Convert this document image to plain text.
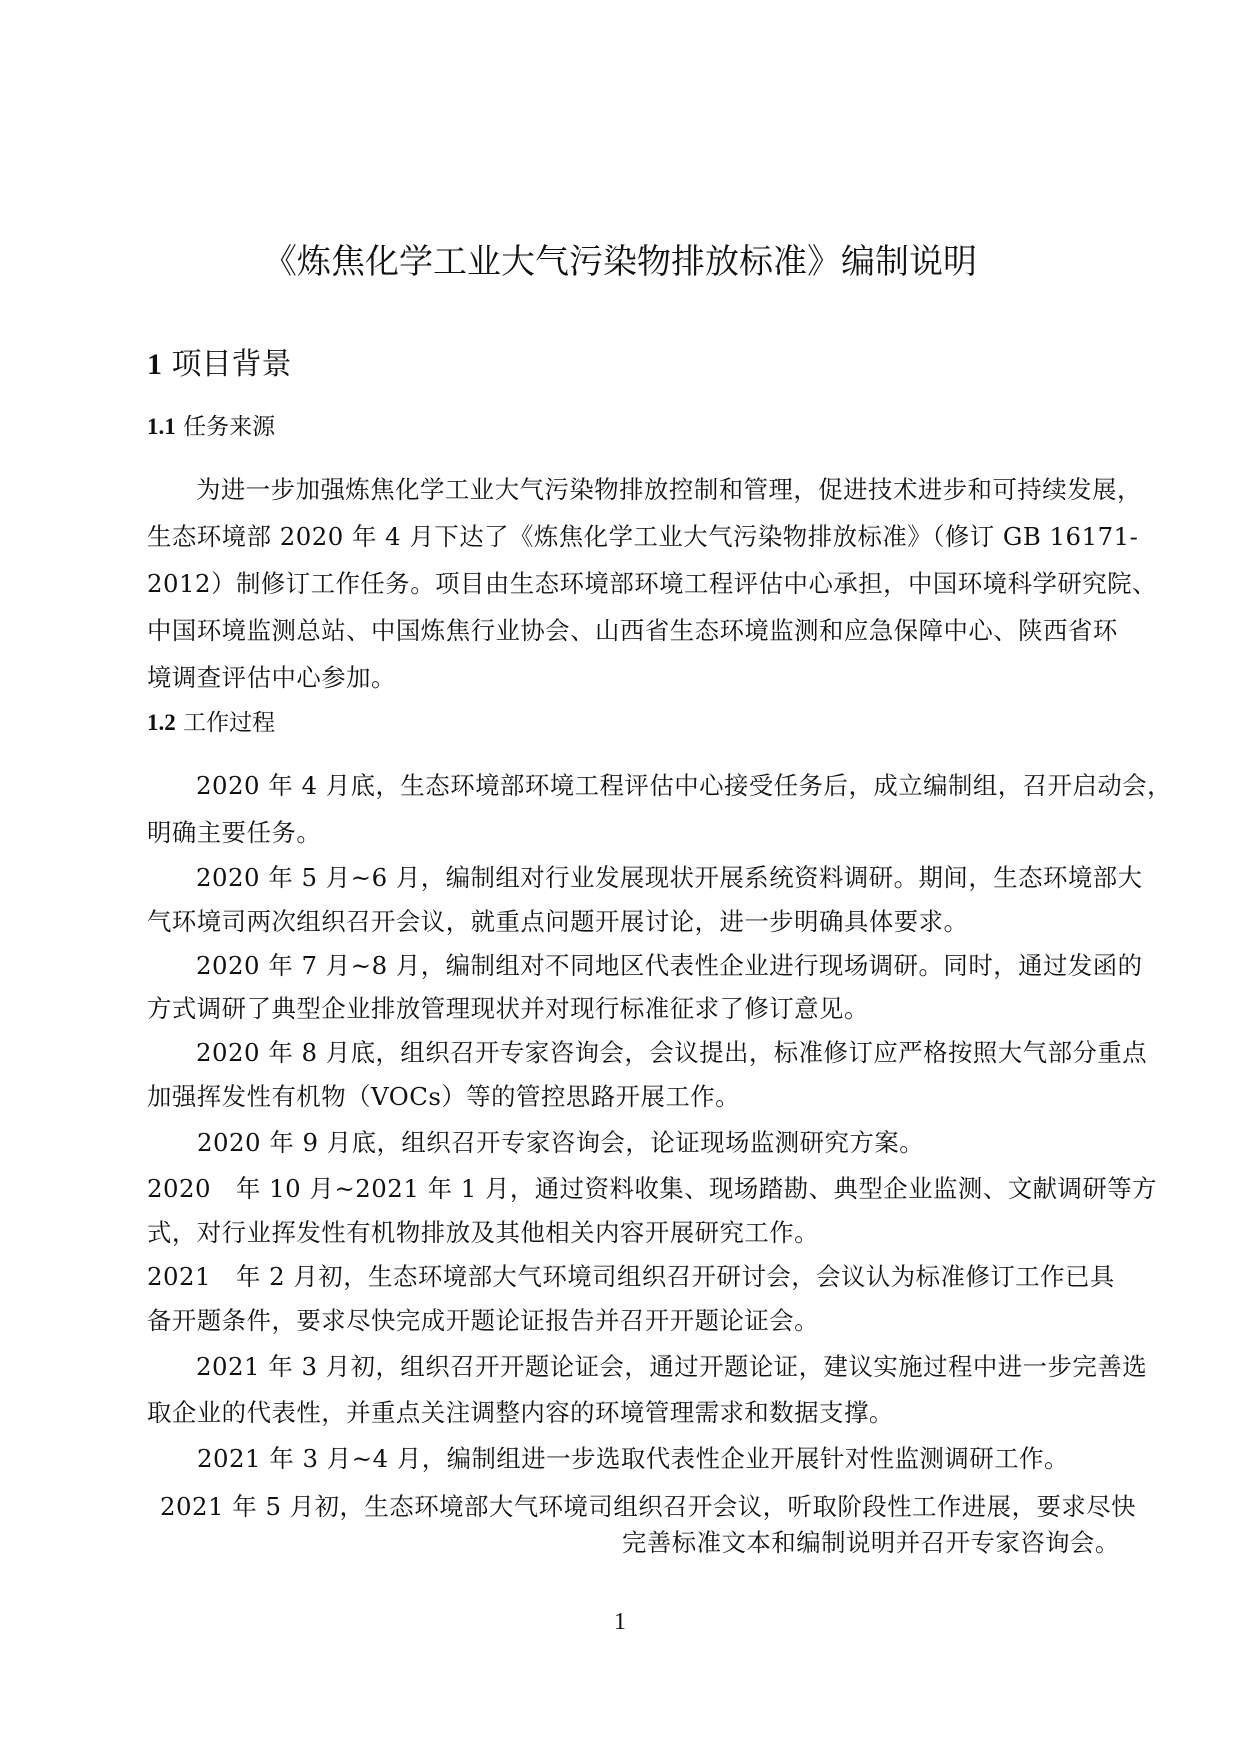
《炼焦化学工业大气污染物排放标准》编制说明
1 项目背景
1.1 任务来源

为进一步加强炼焦化学工业大气污染物排放控制和管理，促进技术进步和可持续发展，

生态环境部 2020 年 4 月下达了《炼焦化学工业大气污染物排放标准》（修订 GB 16171-

2012）制修订工作任务。项目由生态环境部环境工程评估中心承担，中国环境科学研究院、

中国环境监测总站、中国炼焦行业协会、山西省生态环境监测和应急保障中心、陕西省环

境调查评估中心参加。

1.2 工作过程

2020 年 4 月底，生态环境部环境工程评估中心接受任务后，成立编制组，召开启动会，

明确主要任务。

2020 年 5 月~6 月，编制组对行业发展现状开展系统资料调研。期间，生态环境部大

气环境司两次组织召开会议，就重点问题开展讨论，进一步明确具体要求。

2020 年 7 月~8 月，编制组对不同地区代表性企业进行现场调研。同时，通过发函的

方式调研了典型企业排放管理现状并对现行标准征求了修订意见。

2020 年 8 月底，组织召开专家咨询会，会议提出，标准修订应严格按照大气部分重点

加强挥发性有机物（VOCs）等的管控思路开展工作。

2020 年 9 月底，组织召开专家咨询会，论证现场监测研究方案。

2020 年 10 月~2021 年 1 月，通过资料收集、现场踏勘、典型企业监测、文献调研等方

式，对行业挥发性有机物排放及其他相关内容开展研究工作。

2021 年 2 月初，生态环境部大气环境司组织召开研讨会，会议认为标准修订工作已具

备开题条件，要求尽快完成开题论证报告并召开开题论证会。

2021 年 3 月初，组织召开开题论证会，通过开题论证，建议实施过程中进一步完善选

取企业的代表性，并重点关注调整内容的环境管理需求和数据支撑。

2021 年 3 月~4 月，编制组进一步选取代表性企业开展针对性监测调研工作。

2021 年 5 月初，生态环境部大气环境司组织召开会议，听取阶段性工作进展，要求尽快

完善标准文本和编制说明并召开专家咨询会。

1
